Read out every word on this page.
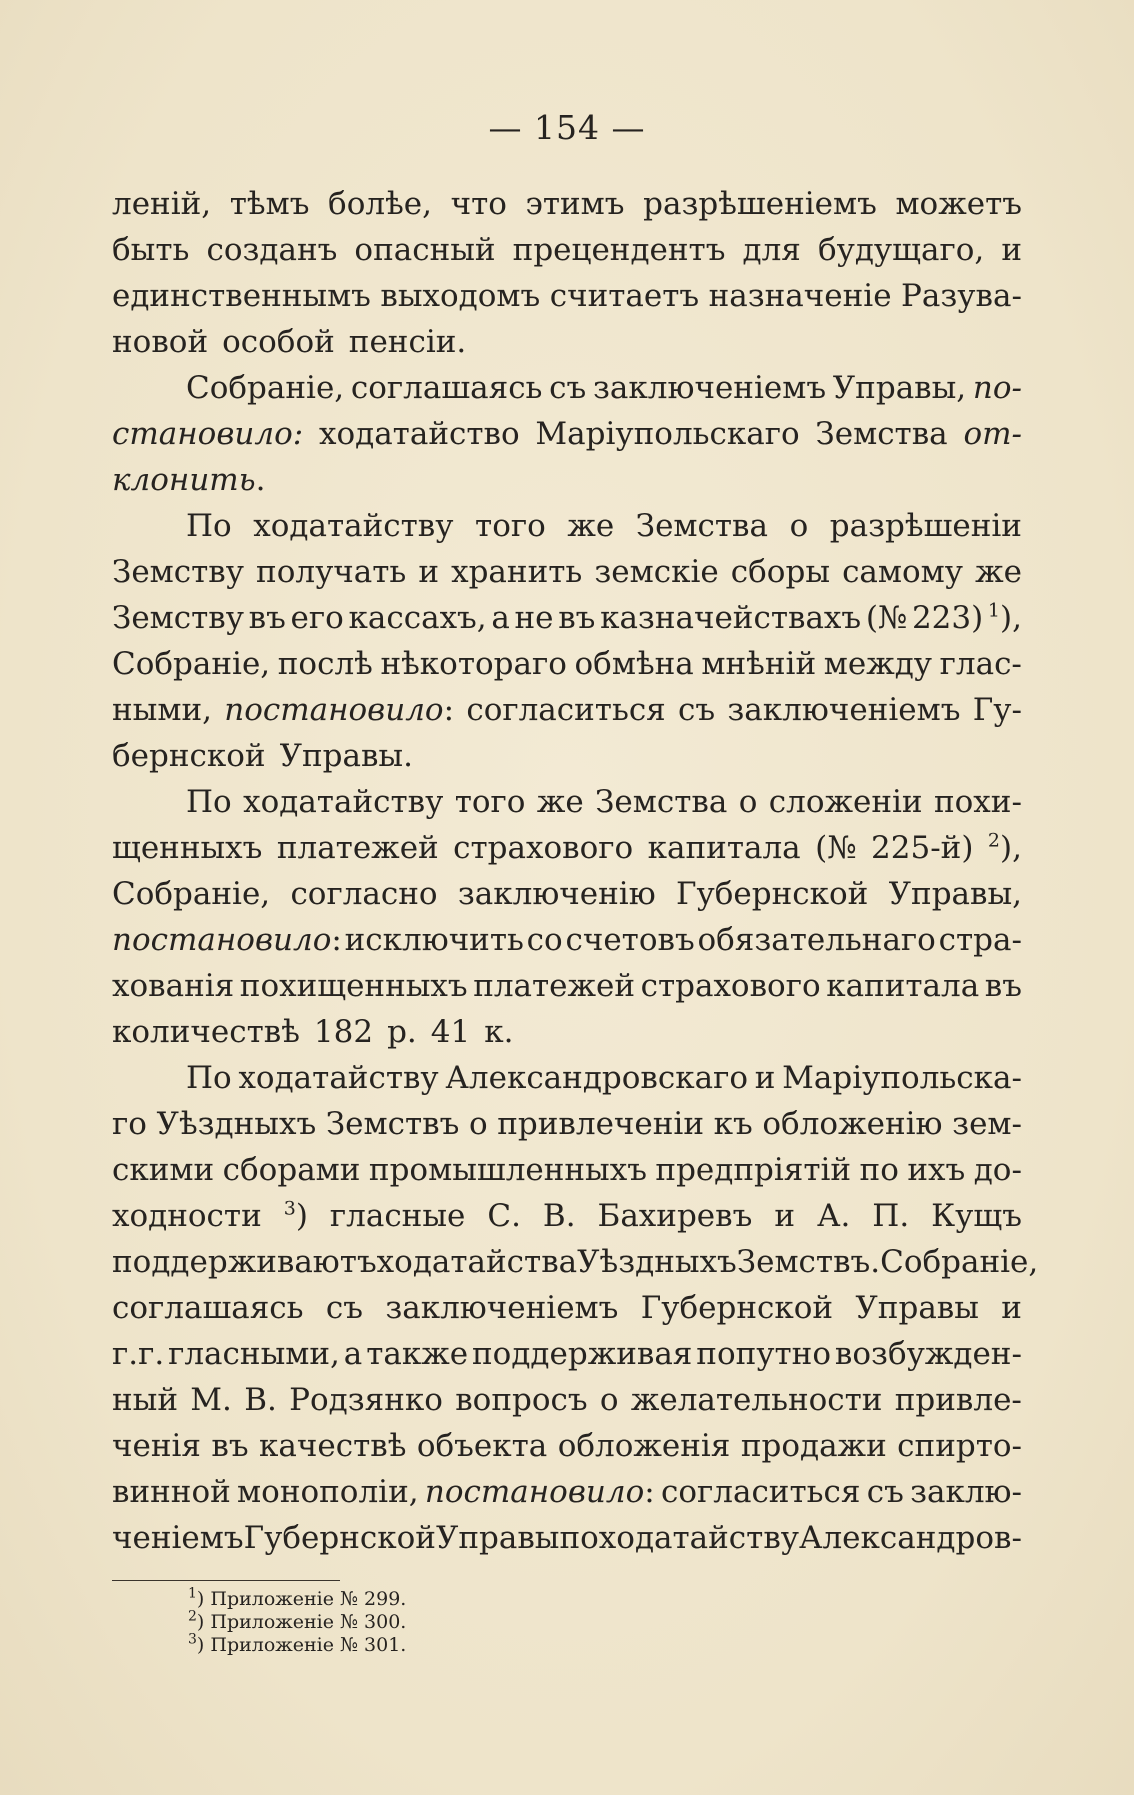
— 154 —
леній, тѣмъ болѣе, что этимъ разрѣшеніемъ можетъ
быть созданъ опасный прецендентъ для будущаго, и
единственнымъ выходомъ считаетъ назначеніе Разува-
новой особой пенсіи.
Собраніе, соглашаясь съ заключеніемъ Управы, по-
становило: ходатайство Маріупольскаго Земства от-
клонить.
По ходатайству того же Земства о разрѣшеніи
Земству получать и хранить земскіе сборы самому же
Земству въ его кассахъ, а не въ казначействахъ (№ 223) $^1$),
Собраніе, послѣ нѣкотораго обмѣна мнѣній между глас-
ными, постановило: согласиться съ заключеніемъ Гу-
бернской Управы.
По ходатайству того же Земства о сложеніи похи-
щенныхъ платежей страхового капитала (№ 225-й) $^2$),
Собраніе, согласно заключенію Губернской Управы,
постановило: исключить со счетовъ обязательнаго стра-
хованія похищенныхъ платежей страхового капитала въ
количествѣ 182 р. 41 к.
По ходатайству Александровскаго и Маріупольска-
го Уѣздныхъ Земствъ о привлеченіи къ обложенію зем-
скими сборами промышленныхъ предпріятій по ихъ до-
ходности $^3$) гласные С. В. Бахиревъ и А. П. Кущъ
поддерживаютъ ходатайства Уѣздныхъ Земствъ. Собраніе,
соглашаясь съ заключеніемъ Губернской Управы и
г.г. гласными, а также поддерживая попутно возбужден-
ный М. В. Родзянко вопросъ о желательности привле-
ченія въ качествѣ объекта обложенія продажи спирто-
винной монополіи, постановило: согласиться съ заклю-
ченіемъ Губернской Управы по ходатайству Александров-
$^1$) Приложеніе № 299.
$^2$) Приложеніе № 300.
$^3$) Приложеніе № 301.
